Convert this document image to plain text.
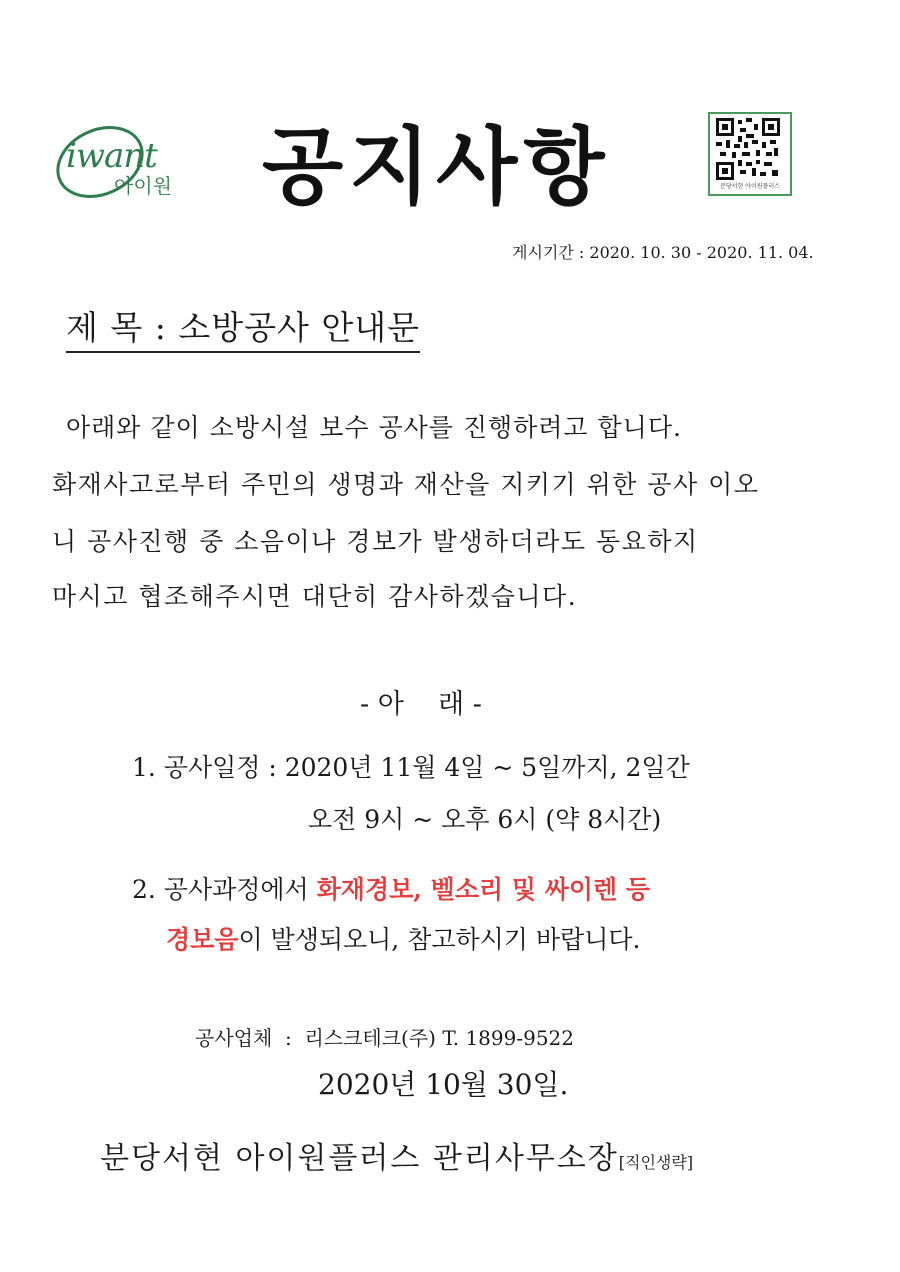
iwant
아이원 공지사항	분당서현 아이원플러스
게시기간 : 2020. 10. 30 - 2020. 11. 04.
제 목 : 소방공사 안내문
아래와 같이 소방시설 보수 공사를 진행하려고 합니다.
화재사고로부터 주민의 생명과 재산을 지키기 위한 공사 이오
니 공사진행 중 소음이나 경보가 발생하더라도 동요하지
마시고 협조해주시면 대단히 감사하겠습니다.
- 아    래 -
1. 공사일정 : 2020년 11월 4일 ~ 5일까지, 2일간
오전 9시 ~ 오후 6시 (약 8시간)
2. 공사과정에서 화재경보, 벨소리 및 싸이렌 등
경보음이 발생되오니, 참고하시기 바랍니다.
공사업체  :  리스크테크(주) T. 1899-9522
2020년 10월 30일.
분당서현 아이원플러스 관리사무소장[직인생략]
